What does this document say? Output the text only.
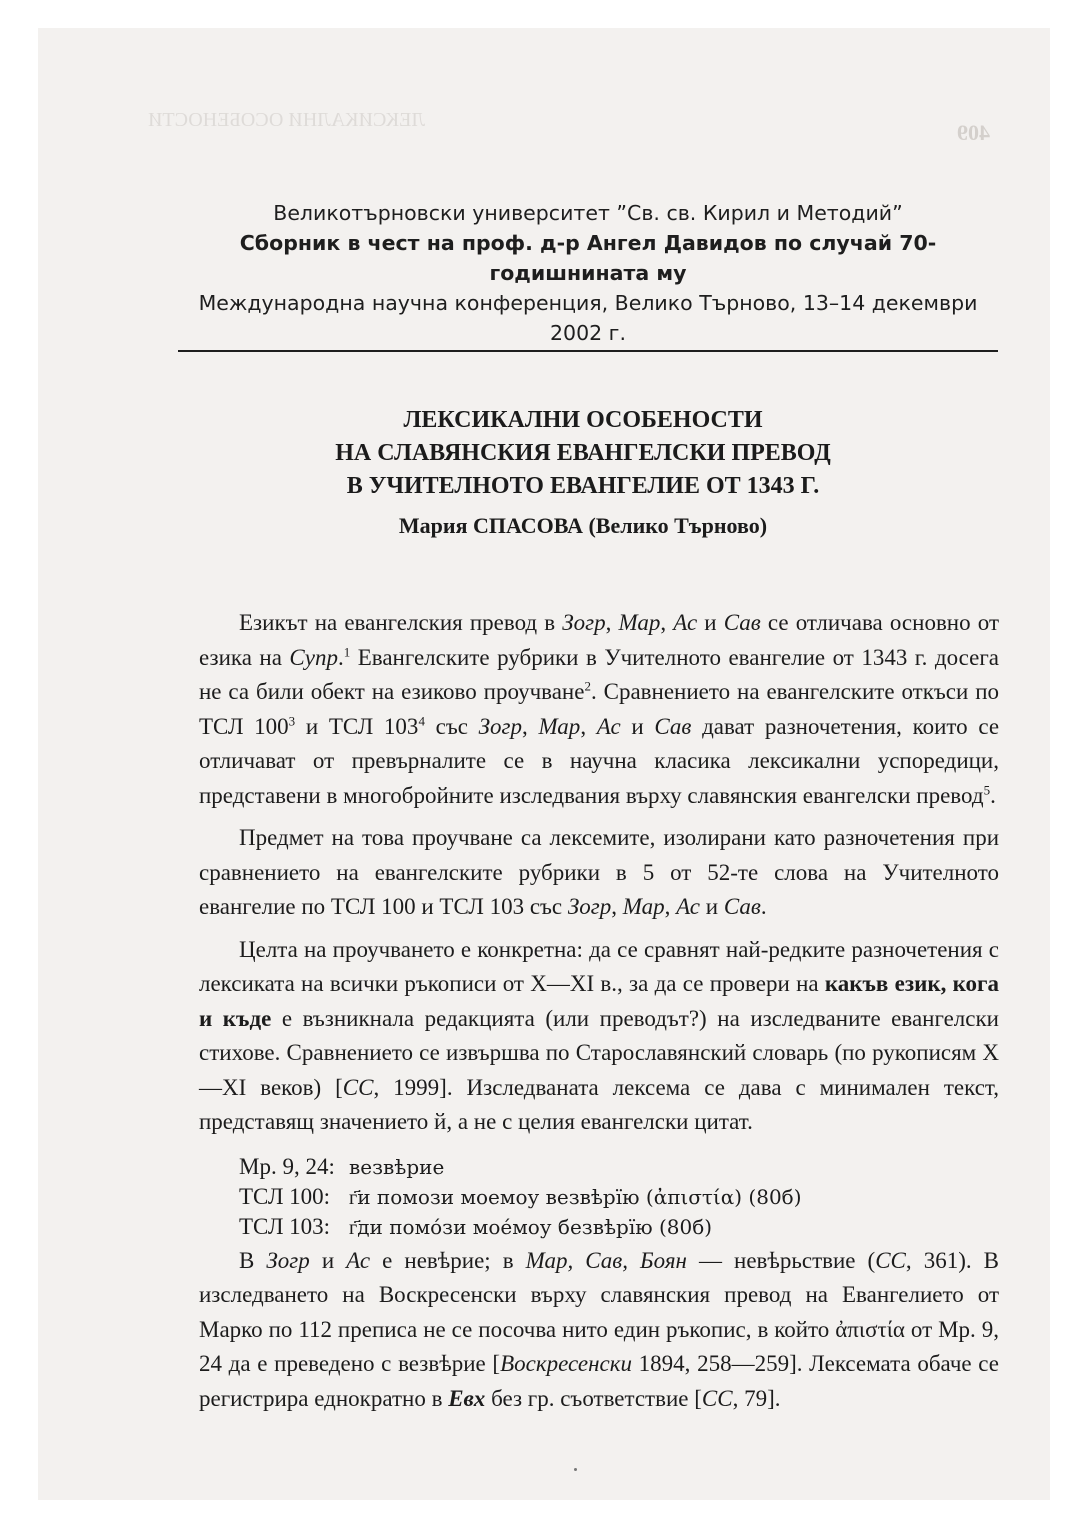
409
ЛЕКСИКАЛНИ ОСОБЕНОСТИ
Великотърновски университет ”Св. св. Кирил и Методий”
Сборник в чест на проф. д-р Ангел Давидов по случай 70-годишнината му
Международна научна конференция, Велико Търново, 13–14 декември 2002 г.
ЛЕКСИКАЛНИ ОСОБЕНОСТИ
НА СЛАВЯНСКИЯ ЕВАНГЕЛСКИ ПРЕВОД
В УЧИТЕЛНОТО ЕВАНГЕЛИЕ ОТ 1343 Г.
Мария СПАСОВА (Велико Търново)

Езикът на евангелския превод в Зогр, Мар, Ас и Сав се отличава основно от езика на Супр.$^1$ Евангелските рубрики в Учителното евангелие от 1343 г. досега не са били обект на езиково проучване$^2$. Сравнението на евангелските откъси по ТСЛ $100^3$ и ТСЛ $103^4$ със Зогр, Мар, Ас и Сав дават разночетения, които се отличават от превърналите се в научна класика лексикални успоредици, представени в многобройните изследвания върху славянския евангелски превод$^5$.

Предмет на това проучване са лексемите, изолирани като разночетения при сравнението на евангелските рубрики в 5 от 52-те слова на Учителното евангелие по ТСЛ 100 и ТСЛ 103 със Зогр, Мар, Ас и Сав.

Целта на проучването е конкретна: да се сравнят най-редките разночетения с лексиката на всички ръкописи от X—XI в., за да се провери на какъв език, кога и къде е възникнала редакцията (или преводът?) на изследваните евангелски стихове. Сравнението се извършва по Старославянский словарь (по рукописям X—XI веков) [СС, 1999]. Изследваната лексема се дава с минимален текст, представящ значението й, а не с целия евангелски цитат.

Мр. 9, 24: везвѣрие
ТСЛ 100: г҃и помози моемоу везвѣрїю (ἀπιστία) (80б)
ТСЛ 103: г҃ди помо́зи мое́моу безвѣрїю (80б)

В Зогр и Ас е невѣрие; в Мар, Сав, Боян — невѣрьствие (СС, 361). В изследването на Воскресенски върху славянския превод на Евангелието от Марко по 112 преписа не се посочва нито един ръкопис, в който ἀπιστία от Мр. 9, 24 да е преведено с везвѣрие [Воскресенски 1894, 258—259]. Лексемата обаче се регистрира еднократно в Евх без гр. съответствие [СС, 79].
